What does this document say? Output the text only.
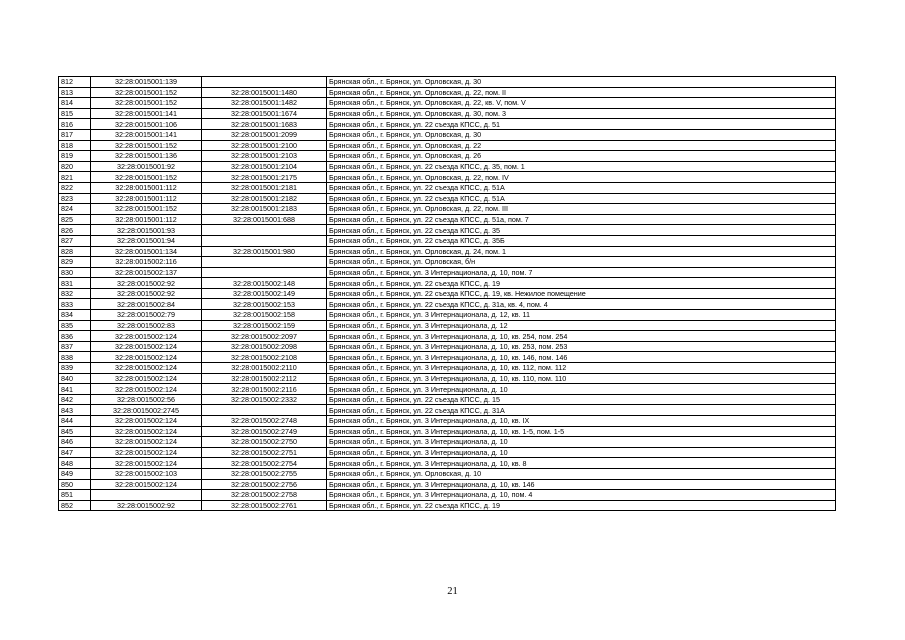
812	32:28:0015001:139		Брянская обл., г. Брянск, ул. Орловская, д. 30
813	32:28:0015001:152	32:28:0015001:1480	Брянская обл., г. Брянск, ул. Орловская, д. 22, пом. II
814	32:28:0015001:152	32:28:0015001:1482	Брянская обл., г. Брянск, ул. Орловская, д. 22, кв. V, пом. V
815	32:28:0015001:141	32:28:0015001:1674	Брянская обл., г. Брянск, ул. Орловская, д. 30, пом. 3
816	32:28:0015001:106	32:28:0015001:1683	Брянская обл., г. Брянск, ул. 22 съезда КПСС, д. 51
817	32:28:0015001:141	32:28:0015001:2099	Брянская обл., г. Брянск, ул. Орловская, д. 30
818	32:28:0015001:152	32:28:0015001:2100	Брянская обл., г. Брянск, ул. Орловская, д. 22
819	32:28:0015001:136	32:28:0015001:2103	Брянская обл., г. Брянск, ул. Орловская, д. 26
820	32:28:0015001:92	32:28:0015001:2104	Брянская обл., г. Брянск, ул. 22 съезда КПСС, д. 35, пом. 1
821	32:28:0015001:152	32:28:0015001:2175	Брянская обл., г. Брянск, ул. Орловская, д. 22, пом. IV
822	32:28:0015001:112	32:28:0015001:2181	Брянская обл., г. Брянск, ул. 22 съезда КПСС, д. 51А
823	32:28:0015001:112	32:28:0015001:2182	Брянская обл., г. Брянск, ул. 22 съезда КПСС, д. 51А
824	32:28:0015001:152	32:28:0015001:2183	Брянская обл., г. Брянск, ул. Орловская, д. 22, пом. III
825	32:28:0015001:112	32:28:0015001:688	Брянская обл., г. Брянск, ул. 22 съезда КПСС, д. 51а, пом. 7
826	32:28:0015001:93		Брянская обл., г. Брянск, ул. 22 съезда КПСС, д. 35
827	32:28:0015001:94		Брянская обл., г. Брянск, ул. 22 съезда КПСС, д. 35Б
828	32:28:0015001:134	32:28:0015001:980	Брянская обл., г. Брянск, ул. Орловская, д. 24, пом. 1
829	32:28:0015002:116		Брянская обл., г. Брянск, ул. Орловская, б/н
830	32:28:0015002:137		Брянская обл., г. Брянск, ул. 3 Интернационала, д. 10, пом. 7
831	32:28:0015002:92	32:28:0015002:148	Брянская обл., г. Брянск, ул. 22 съезда КПСС, д. 19
832	32:28:0015002:92	32:28:0015002:149	Брянская обл., г. Брянск, ул. 22 съезда КПСС, д. 19, кв. Нежилое помещение
833	32:28:0015002:84	32:28:0015002:153	Брянская обл., г. Брянск, ул. 22 съезда КПСС, д. 31а, кв. 4, пом. 4
834	32:28:0015002:79	32:28:0015002:158	Брянская обл., г. Брянск, ул. 3 Интернационала, д. 12, кв. 11
835	32:28:0015002:83	32:28:0015002:159	Брянская обл., г. Брянск, ул. 3 Интернационала, д. 12
836	32:28:0015002:124	32:28:0015002:2097	Брянская обл., г. Брянск, ул. 3 Интернационала, д. 10, кв. 254, пом. 254
837	32:28:0015002:124	32:28:0015002:2098	Брянская обл., г. Брянск, ул. 3 Интернационала, д. 10, кв. 253, пом. 253
838	32:28:0015002:124	32:28:0015002:2108	Брянская обл., г. Брянск, ул. 3 Интернационала, д. 10, кв. 146, пом. 146
839	32:28:0015002:124	32:28:0015002:2110	Брянская обл., г. Брянск, ул. 3 Интернационала, д. 10, кв. 112, пом. 112
840	32:28:0015002:124	32:28:0015002:2112	Брянская обл., г. Брянск, ул. 3 Интернационала, д. 10, кв. 110, пом. 110
841	32:28:0015002:124	32:28:0015002:2116	Брянская обл., г. Брянск, ул. 3 Интернационала, д. 10
842	32:28:0015002:56	32:28:0015002:2332	Брянская обл., г. Брянск, ул. 22 съезда КПСС, д. 15
843	32:28:0015002:2745		Брянская обл., г. Брянск, ул. 22 съезда КПСС, д. 31А
844	32:28:0015002:124	32:28:0015002:2748	Брянская обл., г. Брянск, ул. 3 Интернационала, д. 10, кв. IX
845	32:28:0015002:124	32:28:0015002:2749	Брянская обл., г. Брянск, ул. 3 Интернационала, д. 10, кв. 1-5, пом. 1-5
846	32:28:0015002:124	32:28:0015002:2750	Брянская обл., г. Брянск, ул. 3 Интернационала, д. 10
847	32:28:0015002:124	32:28:0015002:2751	Брянская обл., г. Брянск, ул. 3 Интернационала, д. 10
848	32:28:0015002:124	32:28:0015002:2754	Брянская обл., г. Брянск, ул. 3 Интернационала, д. 10, кв. 8
849	32:28:0015002:103	32:28:0015002:2755	Брянская обл., г. Брянск, ул. Орловская, д. 10
850	32:28:0015002:124	32:28:0015002:2756	Брянская обл., г. Брянск, ул. 3 Интернационала, д. 10, кв. 146
851		32:28:0015002:2758	Брянская обл., г. Брянск, ул. 3 Интернационала, д. 10, пом. 4
852	32:28:0015002:92	32:28:0015002:2761	Брянская обл., г. Брянск, ул. 22 съезда КПСС, д. 19
21
